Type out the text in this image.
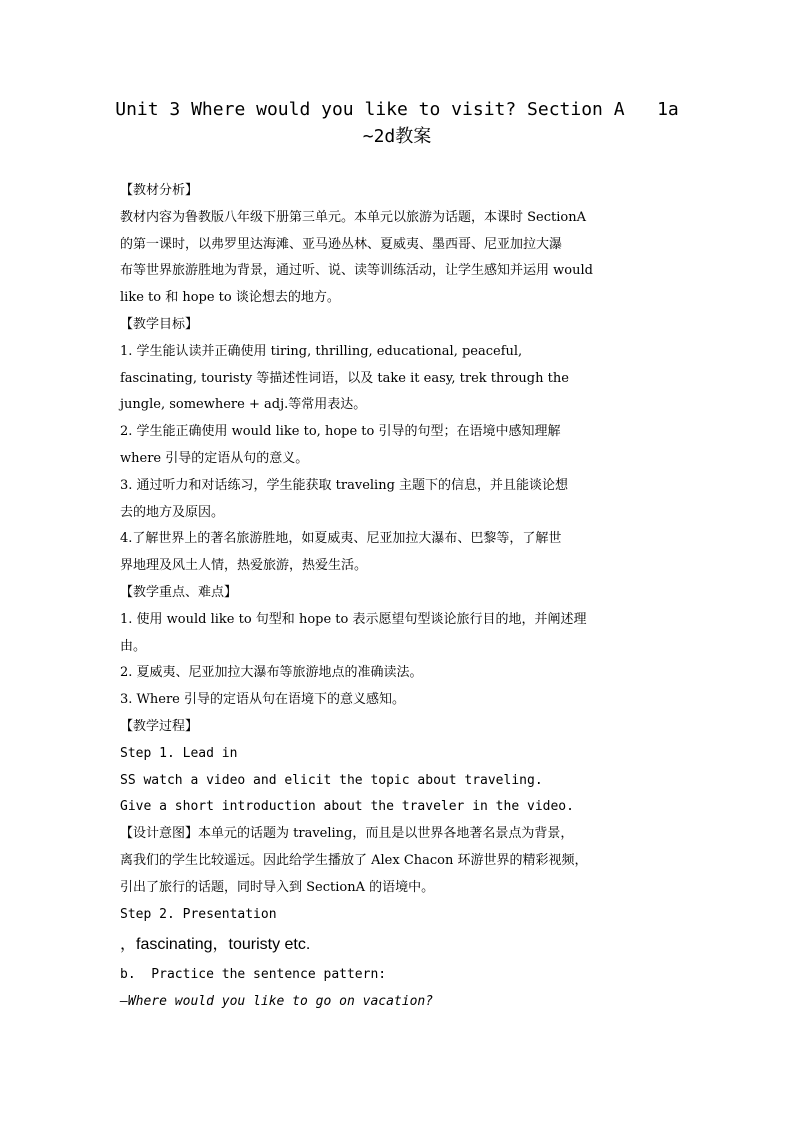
Unit 3 Where would you like to visit? Section A   1a
~2d教案

【教材分析】

教材内容为鲁教版八年级下册第三单元。本单元以旅游为话题，本课时 SectionA

的第一课时，以弗罗里达海滩、亚马逊丛林、夏威夷、墨西哥、尼亚加拉大瀑

布等世界旅游胜地为背景，通过听、说、读等训练活动，让学生感知并运用 would

like to 和 hope to 谈论想去的地方。

【教学目标】

1. 学生能认读并正确使用 tiring, thrilling, educational, peaceful,

fascinating, touristy 等描述性词语，以及 take it easy, trek through the

jungle, somewhere + adj.等常用表达。

2. 学生能正确使用 would like to, hope to 引导的句型；在语境中感知理解

where 引导的定语从句的意义。

3. 通过听力和对话练习，学生能获取 traveling 主题下的信息，并且能谈论想

去的地方及原因。

4.了解世界上的著名旅游胜地，如夏威夷、尼亚加拉大瀑布、巴黎等，了解世

界地理及风土人情，热爱旅游，热爱生活。

【教学重点、难点】

1. 使用 would like to 句型和 hope to 表示愿望句型谈论旅行目的地，并阐述理

由。

2. 夏威夷、尼亚加拉大瀑布等旅游地点的准确读法。

3. Where 引导的定语从句在语境下的意义感知。

【教学过程】

Step 1. Lead in

SS watch a video and elicit the topic about traveling.

Give a short introduction about the traveler in the video.

【设计意图】本单元的话题为 traveling，而且是以世界各地著名景点为背景，

离我们的学生比较遥远。因此给学生播放了 Alex Chacon 环游世界的精彩视频，

引出了旅行的话题，同时导入到 SectionA 的语境中。

Step 2. Presentation

，fascinating，touristy etc.

b.  Practice the sentence pattern:

—Where would you like to go on vacation?
